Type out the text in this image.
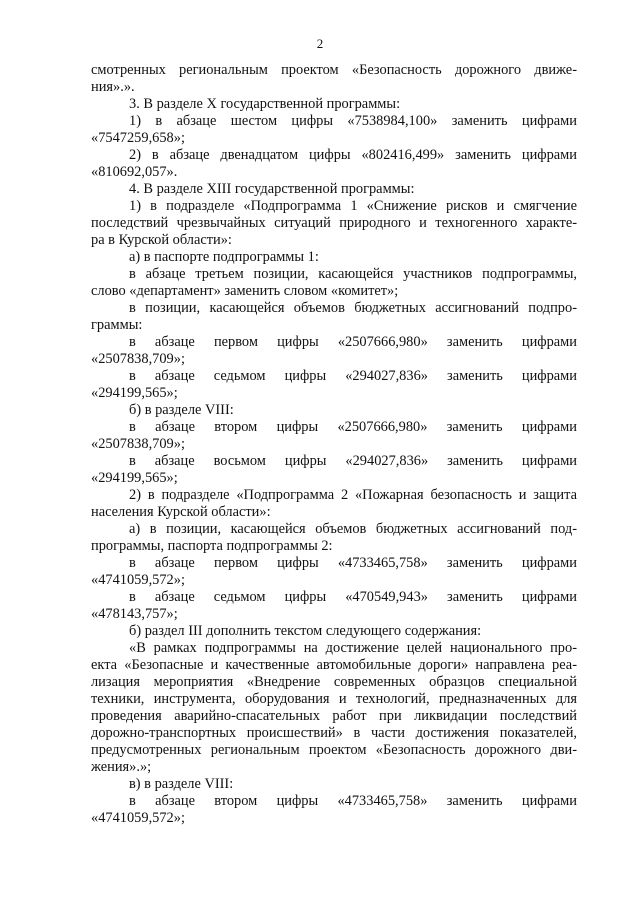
2
смотренных региональным проектом «Безопасность дорожного движе-
ния».».
3. В разделе X государственной программы:
1) в абзаце шестом цифры «7538984,100» заменить цифрами
«7547259,658»;
2) в абзаце двенадцатом цифры «802416,499» заменить цифрами
«810692,057».
4. В разделе XIII государственной программы:
1) в подразделе «Подпрограмма 1 «Снижение рисков и смягчение
последствий чрезвычайных ситуаций природного и техногенного характе-
ра в Курской области»:
а) в паспорте подпрограммы 1:
в абзаце третьем позиции, касающейся участников подпрограммы,
слово «департамент» заменить словом «комитет»;
в позиции, касающейся объемов бюджетных ассигнований подпро-
граммы:
в абзаце первом цифры «2507666,980» заменить цифрами
«2507838,709»;
в абзаце седьмом цифры «294027,836» заменить цифрами
«294199,565»;
б) в разделе VIII:
в абзаце втором цифры «2507666,980» заменить цифрами
«2507838,709»;
в абзаце восьмом цифры «294027,836» заменить цифрами
«294199,565»;
2) в подразделе «Подпрограмма 2 «Пожарная безопасность и защита
населения Курской области»:
а) в позиции, касающейся объемов бюджетных ассигнований под-
программы, паспорта подпрограммы 2:
в абзаце первом цифры «4733465,758» заменить цифрами
«4741059,572»;
в абзаце седьмом цифры «470549,943» заменить цифрами
«478143,757»;
б) раздел III дополнить текстом следующего содержания:
«В рамках подпрограммы на достижение целей национального про-
екта «Безопасные и качественные автомобильные дороги» направлена реа-
лизация мероприятия «Внедрение современных образцов специальной
техники, инструмента, оборудования и технологий, предназначенных для
проведения аварийно-спасательных работ при ликвидации последствий
дорожно-транспортных происшествий» в части достижения показателей,
предусмотренных региональным проектом «Безопасность дорожного дви-
жения».»;
в) в разделе VIII:
в абзаце втором цифры «4733465,758» заменить цифрами
«4741059,572»;
